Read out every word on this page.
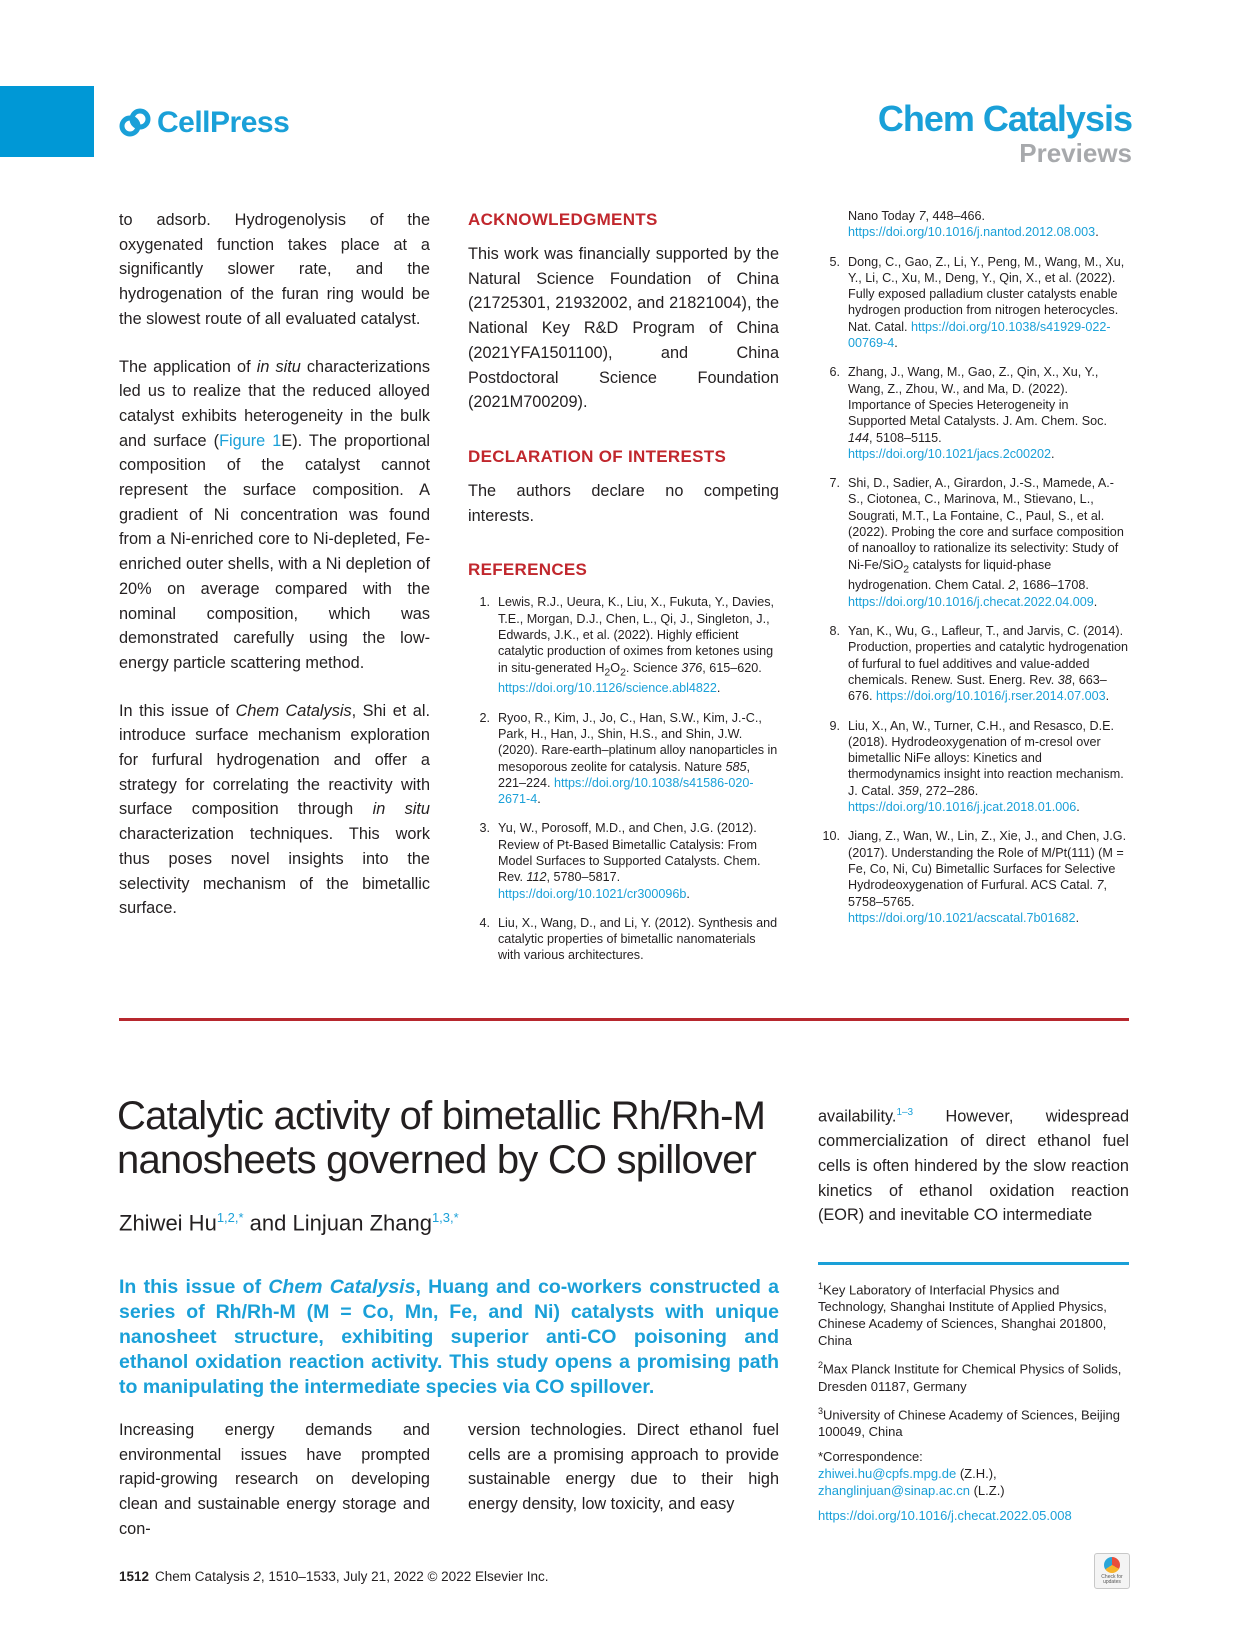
CellPress	Chem Catalysis
Previews

to adsorb. Hydrogenolysis of the oxygenated function takes place at a significantly slower rate, and the hydrogenation of the furan ring would be the slowest route of all evaluated catalyst.

The application of in situ characterizations led us to realize that the reduced alloyed catalyst exhibits heterogeneity in the bulk and surface (Figure 1E). The proportional composition of the catalyst cannot represent the surface composition. A gradient of Ni concentration was found from a Ni-enriched core to Ni-depleted, Fe-enriched outer shells, with a Ni depletion of 20% on average compared with the nominal composition, which was demonstrated carefully using the low-energy particle scattering method.

In this issue of Chem Catalysis, Shi et al. introduce surface mechanism exploration for furfural hydrogenation and offer a strategy for correlating the reactivity with surface composition through in situ characterization techniques. This work thus poses novel insights into the selectivity mechanism of the bimetallic surface.

ACKNOWLEDGMENTS
This work was financially supported by the Natural Science Foundation of China (21725301, 21932002, and 21821004), the National Key R&D Program of China (2021YFA1501100), and China Postdoctoral Science Foundation (2021M700209).
DECLARATION OF INTERESTS
The authors declare no competing interests.
REFERENCES
1. Lewis, R.J., Ueura, K., Liu, X., Fukuta, Y., Davies, T.E., Morgan, D.J., Chen, L., Qi, J., Singleton, J., Edwards, J.K., et al. (2022). Highly efficient catalytic production of oximes from ketones using in situ-generated $H_2O_2$. Science 376, 615–620. https://doi.org/10.1126/science.abl4822.
2. Ryoo, R., Kim, J., Jo, C., Han, S.W., Kim, J.-C., Park, H., Han, J., Shin, H.S., and Shin, J.W. (2020). Rare-earth–platinum alloy nanoparticles in mesoporous zeolite for catalysis. Nature 585, 221–224. https://doi.org/10.1038/s41586-020-2671-4.
3. Yu, W., Porosoff, M.D., and Chen, J.G. (2012). Review of Pt-Based Bimetallic Catalysis: From Model Surfaces to Supported Catalysts. Chem. Rev. 112, 5780–5817. https://doi.org/10.1021/cr300096b.
4. Liu, X., Wang, D., and Li, Y. (2012). Synthesis and catalytic properties of bimetallic nanomaterials with various architectures.
Nano Today 7, 448–466. https://doi.org/10.1016/j.nantod.2012.08.003.
5. Dong, C., Gao, Z., Li, Y., Peng, M., Wang, M., Xu, Y., Li, C., Xu, M., Deng, Y., Qin, X., et al. (2022). Fully exposed palladium cluster catalysts enable hydrogen production from nitrogen heterocycles. Nat. Catal. https://doi.org/10.1038/s41929-022-00769-4.
6. Zhang, J., Wang, M., Gao, Z., Qin, X., Xu, Y., Wang, Z., Zhou, W., and Ma, D. (2022). Importance of Species Heterogeneity in Supported Metal Catalysts. J. Am. Chem. Soc. 144, 5108–5115. https://doi.org/10.1021/jacs.2c00202.
7. Shi, D., Sadier, A., Girardon, J.-S., Mamede, A.-S., Ciotonea, C., Marinova, M., Stievano, L., Sougrati, M.T., La Fontaine, C., Paul, S., et al. (2022). Probing the core and surface composition of nanoalloy to rationalize its selectivity: Study of Ni-Fe/SiO$_2$ catalysts for liquid-phase hydrogenation. Chem Catal. 2, 1686–1708. https://doi.org/10.1016/j.checat.2022.04.009.
8. Yan, K., Wu, G., Lafleur, T., and Jarvis, C. (2014). Production, properties and catalytic hydrogenation of furfural to fuel additives and value-added chemicals. Renew. Sust. Energ. Rev. 38, 663–676. https://doi.org/10.1016/j.rser.2014.07.003.
9. Liu, X., An, W., Turner, C.H., and Resasco, D.E. (2018). Hydrodeoxygenation of m-cresol over bimetallic NiFe alloys: Kinetics and thermodynamics insight into reaction mechanism. J. Catal. 359, 272–286. https://doi.org/10.1016/j.jcat.2018.01.006.
10. Jiang, Z., Wan, W., Lin, Z., Xie, J., and Chen, J.G. (2017). Understanding the Role of M/Pt(111) (M = Fe, Co, Ni, Cu) Bimetallic Surfaces for Selective Hydrodeoxygenation of Furfural. ACS Catal. 7, 5758–5765. https://doi.org/10.1021/acscatal.7b01682.
Catalytic activity of bimetallic Rh/Rh-M nanosheets governed by CO spillover
Zhiwei $Hu^{1,2,*}$ and Linjuan Zhang$^{1,3,*}$
In this issue of Chem Catalysis, Huang and co-workers constructed a series of Rh/Rh-M (M = Co, Mn, Fe, and Ni) catalysts with unique nanosheet structure, exhibiting superior anti-CO poisoning and ethanol oxidation reaction activity. This study opens a promising path to manipulating the intermediate species via CO spillover.
Increasing energy demands and environmental issues have prompted rapid-growing research on developing clean and sustainable energy storage and con-
version technologies. Direct ethanol fuel cells are a promising approach to provide sustainable energy due to their high energy density, low toxicity, and easy
availability.$^{1-3}$ However, widespread commercialization of direct ethanol fuel cells is often hindered by the slow reaction kinetics of ethanol oxidation reaction (EOR) and inevitable CO intermediate
$^1$Key Laboratory of Interfacial Physics and Technology, Shanghai Institute of Applied Physics, Chinese Academy of Sciences, Shanghai 201800, China
$^2$Max Planck Institute for Chemical Physics of Solids, Dresden 01187, Germany
$^3$University of Chinese Academy of Sciences, Beijing 100049, China
*Correspondence:
zhiwei.hu@cpfs.mpg.de (Z.H.),
zhanglinjuan@sinap.ac.cn (L.Z.)
https://doi.org/10.1016/j.checat.2022.05.008
1512 Chem Catalysis 2, 1510–1533, July 21, 2022 © 2022 Elsevier Inc.	Check for updates
